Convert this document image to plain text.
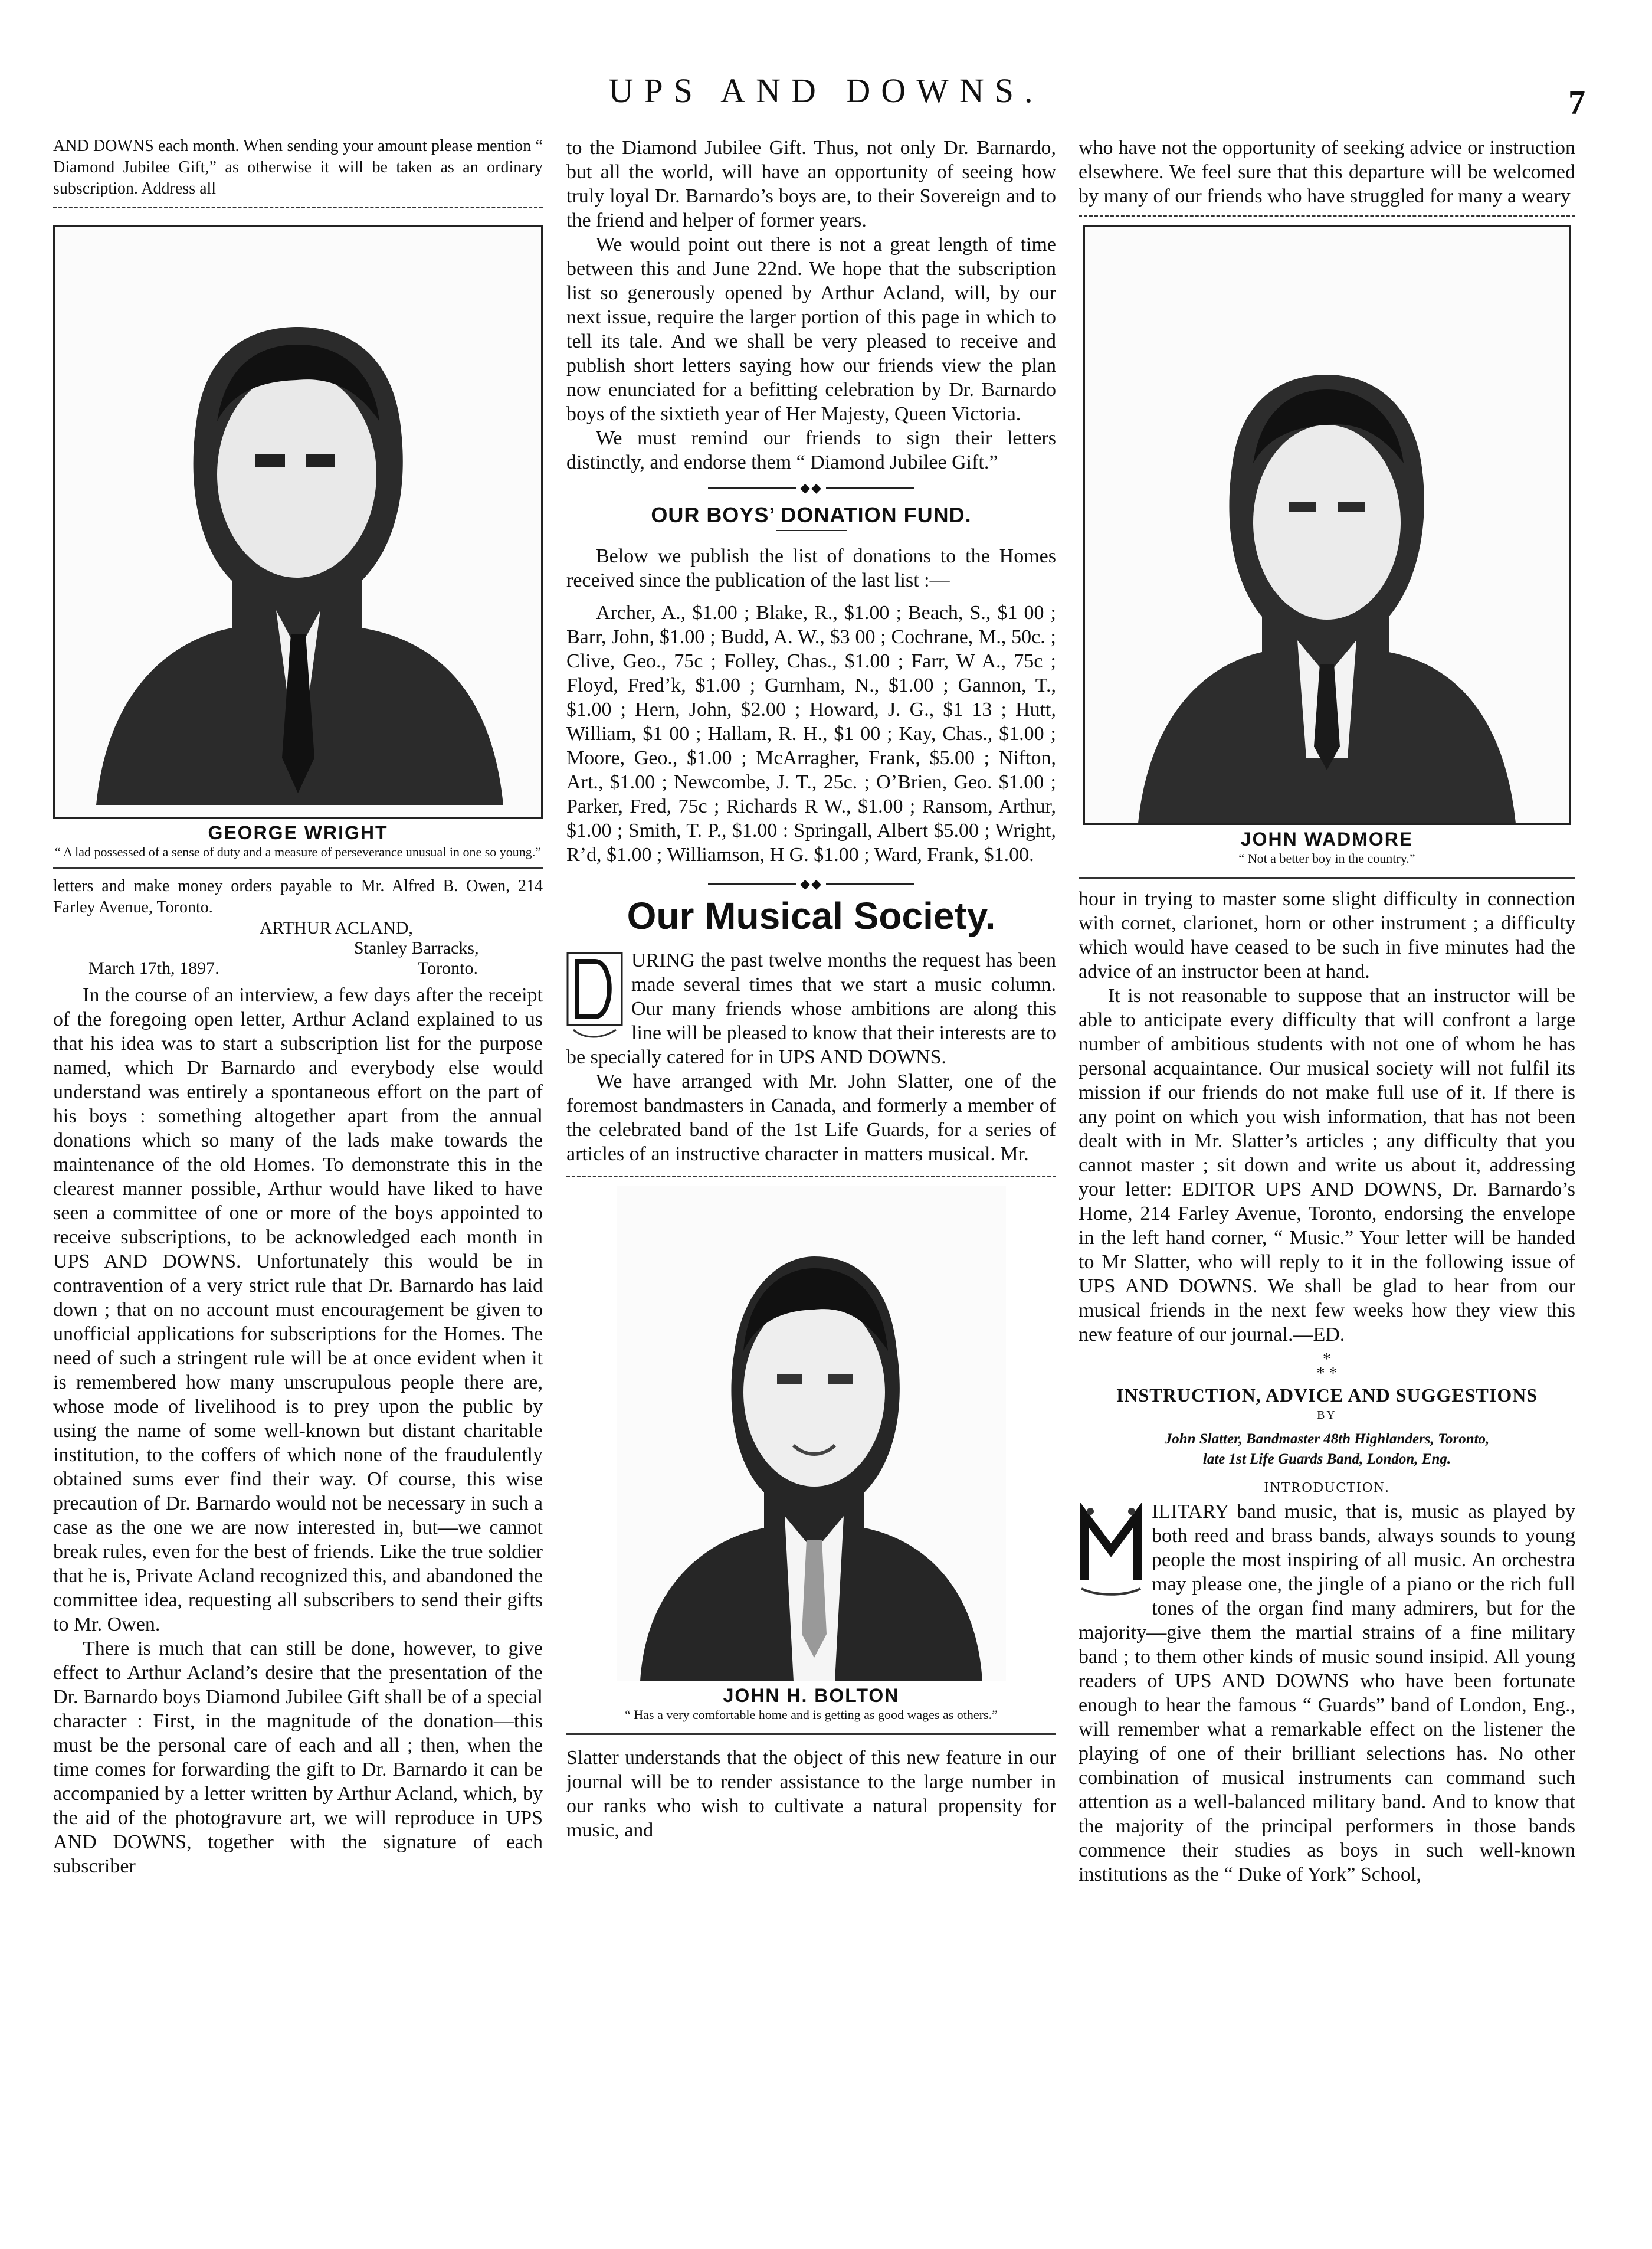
UPS AND DOWNS.	7

AND DOWNS each month. When sending your amount please mention “ Diamond Jubilee Gift,” as otherwise it will be taken as an ordinary subscription. Address all

GEORGE WRIGHT
“ A lad possessed of a sense of duty and a measure of perseverance unusual in one so young.”

letters and make money orders payable to Mr. Alfred B. Owen, 214 Farley Avenue, Toronto.

ARTHUR ACLAND,
Stanley Barracks,
March 17th, 1897.	Toronto.

In the course of an interview, a few days after the receipt of the foregoing open letter, Arthur Acland explained to us that his idea was to start a subscription list for the purpose named, which Dr Barnardo and everybody else would understand was entirely a spontaneous effort on the part of his boys : something altogether apart from the annual donations which so many of the lads make towards the maintenance of the old Homes. To demonstrate this in the clearest manner possible, Arthur would have liked to have seen a committee of one or more of the boys appointed to receive subscriptions, to be acknowledged each month in UPS AND DOWNS. Unfortunately this would be in contravention of a very strict rule that Dr. Barnardo has laid down ; that on no account must encouragement be given to unofficial applications for subscriptions for the Homes. The need of such a stringent rule will be at once evident when it is remembered how many unscrupulous people there are, whose mode of livelihood is to prey upon the public by using the name of some well-known but distant charitable institution, to the coffers of which none of the fraudulently obtained sums ever find their way. Of course, this wise precaution of Dr. Barnardo would not be necessary in such a case as the one we are now interested in, but—we cannot break rules, even for the best of friends. Like the true soldier that he is, Private Acland recognized this, and abandoned the committee idea, requesting all subscribers to send their gifts to Mr. Owen.

There is much that can still be done, however, to give effect to Arthur Acland’s desire that the presentation of the Dr. Barnardo boys Diamond Jubilee Gift shall be of a special character : First, in the magnitude of the donation—this must be the personal care of each and all ; then, when the time comes for forwarding the gift to Dr. Barnardo it can be accompanied by a letter written by Arthur Acland, which, by the aid of the photogravure art, we will reproduce in UPS AND DOWNS, together with the signature of each subscriber

to the Diamond Jubilee Gift. Thus, not only Dr. Barnardo, but all the world, will have an opportunity of seeing how truly loyal Dr. Barnardo’s boys are, to their Sovereign and to the friend and helper of former years.

We would point out there is not a great length of time between this and June 22nd. We hope that the subscription list so generously opened by Arthur Acland, will, by our next issue, require the larger portion of this page in which to tell its tale. And we shall be very pleased to receive and publish short letters saying how our friends view the plan now enunciated for a befitting celebration by Dr. Barnardo boys of the sixtieth year of Her Majesty, Queen Victoria.

We must remind our friends to sign their letters distinctly, and endorse them “ Diamond Jubilee Gift.”

◆◆
OUR BOYS’ DONATION FUND.

Below we publish the list of donations to the Homes received since the publication of the last list :—

Archer, A., $1.00 ; Blake, R., $1.00 ; Beach, S., $1 00 ; Barr, John, $1.00 ; Budd, A. W., $3 00 ; Cochrane, M., 50c. ; Clive, Geo., 75c ; Folley, Chas., $1.00 ; Farr, W A., 75c ; Floyd, Fred’k, $1.00 ; Gurnham, N., $1.00 ; Gannon, T., $1.00 ; Hern, John, $2.00 ; Howard, J. G., $1 13 ; Hutt, William, $1 00 ; Hallam, R. H., $1 00 ; Kay, Chas., $1.00 ; Moore, Geo., $1.00 ; McArragher, Frank, $5.00 ; Nifton, Art., $1.00 ; Newcombe, J. T., 25c. ; O’Brien, Geo. $1.00 ; Parker, Fred, 75c ; Richards R W., $1.00 ; Ransom, Arthur, $1.00 ; Smith, T. P., $1.00 : Springall, Albert $5.00 ; Wright, R’d, $1.00 ; Williamson, H G. $1.00 ; Ward, Frank, $1.00.

◆◆
Our Musical Society.

URING the past twelve months the request has been made several times that we start a music column. Our many friends whose ambitions are along this line will be pleased to know that their interests are to be specially catered for in UPS AND DOWNS.

We have arranged with Mr. John Slatter, one of the foremost bandmasters in Canada, and formerly a member of the celebrated band of the 1st Life Guards, for a series of articles of an instructive character in matters musical. Mr.

JOHN H. BOLTON
“ Has a very comfortable home and is getting as good wages as others.”

Slatter understands that the object of this new feature in our journal will be to render assistance to the large number in our ranks who wish to cultivate a natural propensity for music, and

who have not the opportunity of seeking advice or instruction elsewhere. We feel sure that this departure will be welcomed by many of our friends who have struggled for many a weary

JOHN WADMORE
“ Not a better boy in the country.”

hour in trying to master some slight difficulty in connection with cornet, clarionet, horn or other instrument ; a difficulty which would have ceased to be such in five minutes had the advice of an instructor been at hand.

It is not reasonable to suppose that an instructor will be able to anticipate every difficulty that will confront a large number of ambitious students with not one of whom he has personal acquaintance. Our musical society will not fulfil its mission if our friends do not make full use of it. If there is any point on which you wish information, that has not been dealt with in Mr. Slatter’s articles ; any difficulty that you cannot master ; sit down and write us about it, addressing your letter: EDITOR UPS AND DOWNS, Dr. Barnardo’s Home, 214 Farley Avenue, Toronto, endorsing the envelope in the left hand corner, “ Music.” Your letter will be handed to Mr Slatter, who will reply to it in the following issue of UPS AND DOWNS. We shall be glad to hear from our musical friends in the next few weeks how they view this new feature of our journal.—ED.

*
* *
INSTRUCTION, ADVICE AND SUGGESTIONS
BY
John Slatter, Bandmaster 48th Highlanders, Toronto,
late 1st Life Guards Band, London, Eng.
INTRODUCTION.

ILITARY band music, that is, music as played by both reed and brass bands, always sounds to young people the most inspiring of all music. An orchestra may please one, the jingle of a piano or the rich full tones of the organ find many admirers, but for the majority—give them the martial strains of a fine military band ; to them other kinds of music sound insipid. All young readers of UPS AND DOWNS who have been fortunate enough to hear the famous “ Guards” band of London, Eng., will remember what a remarkable effect on the listener the playing of one of their brilliant selections has. No other combination of musical instruments can command such attention as a well-balanced military band. And to know that the majority of the principal performers in those bands commence their studies as boys in such well-known institutions as the “ Duke of York” School,
